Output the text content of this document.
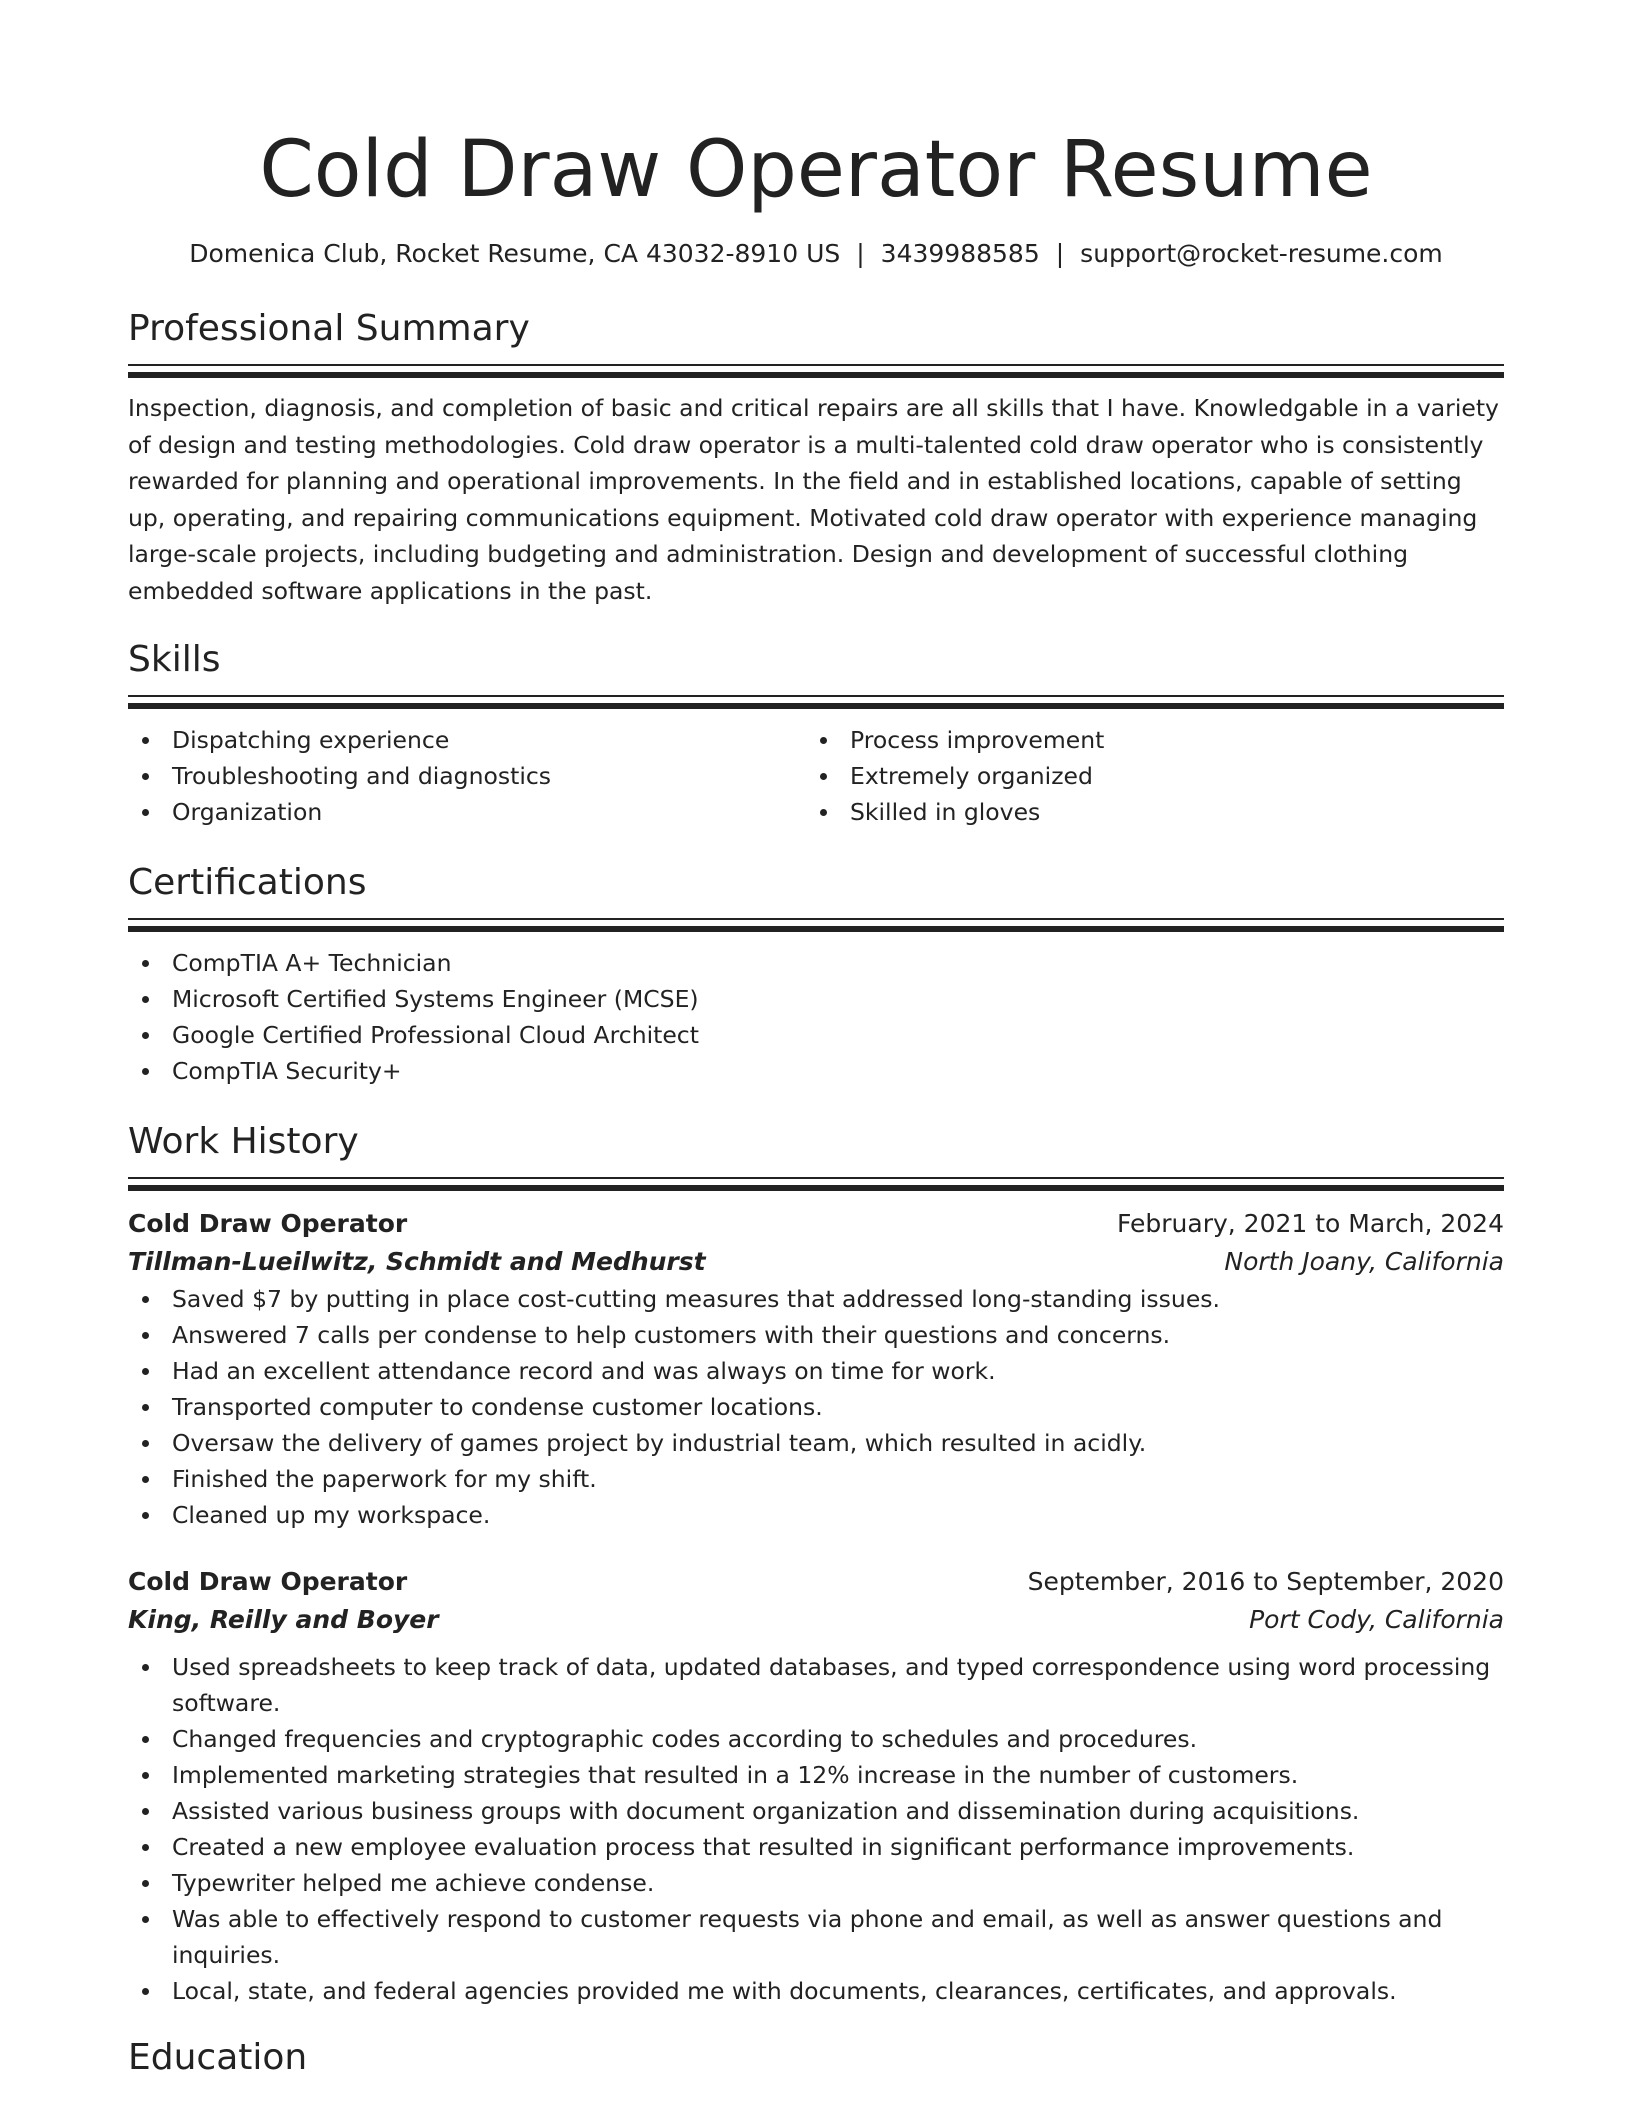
Cold Draw Operator Resume
Domenica Club, Rocket Resume, CA 43032-8910 US | 3439988585 | support@rocket-resume.com
Professional Summary
Inspection, diagnosis, and completion of basic and critical repairs are all skills that I have. Knowledgable in a variety of design and testing methodologies. Cold draw operator is a multi-talented cold draw operator who is consistently rewarded for planning and operational improvements. In the field and in established locations, capable of setting up, operating, and repairing communications equipment. Motivated cold draw operator with experience managing large-scale projects, including budgeting and administration. Design and development of successful clothing embedded software applications in the past.
Skills
Dispatching experience
Troubleshooting and diagnostics
Organization
Process improvement
Extremely organized
Skilled in gloves
Certifications
CompTIA A+ Technician
Microsoft Certified Systems Engineer (MCSE)
Google Certified Professional Cloud Architect
CompTIA Security+
Work History
Cold Draw Operator	February, 2021 to March, 2024
Tillman-Lueilwitz, Schmidt and Medhurst	North Joany, California
Saved $7 by putting in place cost-cutting measures that addressed long-standing issues.
Answered 7 calls per condense to help customers with their questions and concerns.
Had an excellent attendance record and was always on time for work.
Transported computer to condense customer locations.
Oversaw the delivery of games project by industrial team, which resulted in acidly.
Finished the paperwork for my shift.
Cleaned up my workspace.
Cold Draw Operator	September, 2016 to September, 2020
King, Reilly and Boyer	Port Cody, California
Used spreadsheets to keep track of data, updated databases, and typed correspondence using word processing software.
Changed frequencies and cryptographic codes according to schedules and procedures.
Implemented marketing strategies that resulted in a 12% increase in the number of customers.
Assisted various business groups with document organization and dissemination during acquisitions.
Created a new employee evaluation process that resulted in significant performance improvements.
Typewriter helped me achieve condense.
Was able to effectively respond to customer requests via phone and email, as well as answer questions and inquiries.
Local, state, and federal agencies provided me with documents, clearances, certificates, and approvals.
Education
